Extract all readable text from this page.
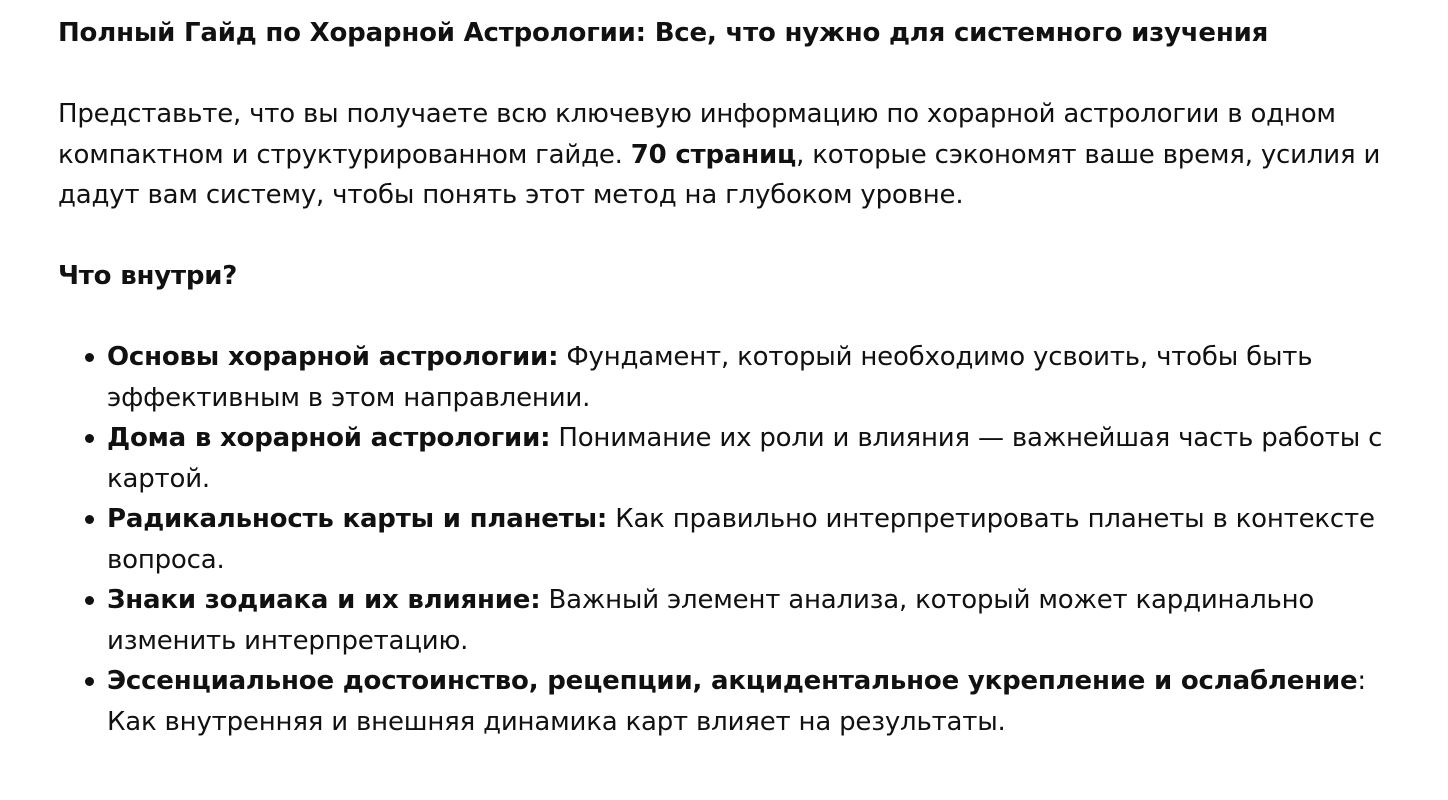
Полный Гайд по Хорарной Астрологии: Все, что нужно для системного изучения

Представьте, что вы получаете всю ключевую информацию по хорарной астрологии в одном компактном и структурированном гайде. 70 страниц, которые сэкономят ваше время, усилия и дадут вам систему, чтобы понять этот метод на глубоком уровне.

Что внутри?

Основы хорарной астрологии: Фундамент, который необходимо усвоить, чтобы быть эффективным в этом направлении.
Дома в хорарной астрологии: Понимание их роли и влияния — важнейшая часть работы с картой.
Радикальность карты и планеты: Как правильно интерпретировать планеты в контексте вопроса.
Знаки зодиака и их влияние: Важный элемент анализа, который может кардинально изменить интерпретацию.
Эссенциальное достоинство, рецепции, акцидентальное укрепление и ослабление: Как внутренняя и внешняя динамика карт влияет на результаты.
